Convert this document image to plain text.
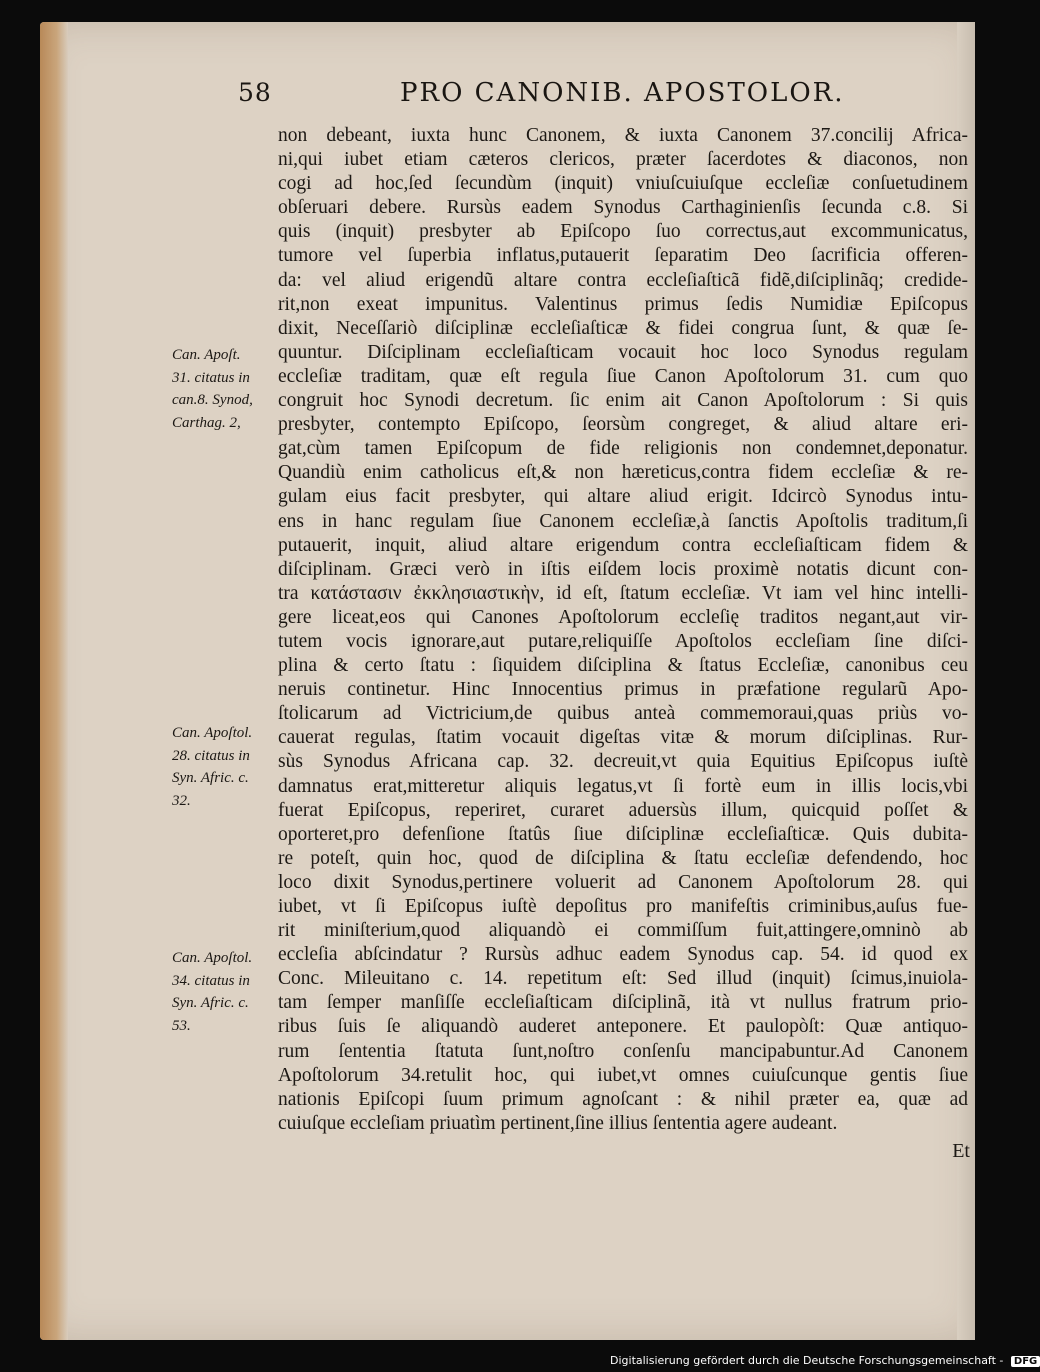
58	PRO CANONIB. APOSTOLOR.
non debeant, iuxta hunc Canonem, & iuxta Canonem 37.concilij Africa-
ni,qui iubet etiam cæteros clericos, præter ſacerdotes & diaconos, non
cogi ad hoc,ſed ſecundùm (inquit) vniuſcuiuſque eccleſiæ conſuetudinem
obſeruari debere. Rursùs eadem Synodus Carthaginienſis ſecunda c.8. Si
quis (inquit) presbyter ab Epiſcopo ſuo correctus,aut excommunicatus,
tumore vel ſuperbia inflatus,putauerit ſeparatim Deo ſacrificia offeren-
da: vel aliud erigendũ altare contra eccleſiaſticã fidẽ,diſciplinãq; credide-
rit,non exeat impunitus. Valentinus primus ſedis Numidiæ Epiſcopus
dixit, Neceſſariò diſciplinæ eccleſiaſticæ & fidei congrua ſunt, & quæ ſe-
quuntur. Diſciplinam eccleſiaſticam vocauit hoc loco Synodus regulam
eccleſiæ traditam, quæ eſt regula ſiue Canon Apoſtolorum 31. cum quo
congruit hoc Synodi decretum. ſic enim ait Canon Apoſtolorum : Si quis
presbyter, contempto Epiſcopo, ſeorsùm congreget, & aliud altare eri-
gat,cùm tamen Epiſcopum de fide religionis non condemnet,deponatur.
Quandiù enim catholicus eſt,& non hæreticus,contra fidem eccleſiæ & re-
gulam eius facit presbyter, qui altare aliud erigit. Idcircò Synodus intu-
ens in hanc regulam ſiue Canonem eccleſiæ,à ſanctis Apoſtolis traditum,ſi
putauerit, inquit, aliud altare erigendum contra eccleſiaſticam fidem &
diſciplinam. Græci verò in iſtis eiſdem locis proximè notatis dicunt con-
tra κατάστασιν ἐκκλησιαστικὴν, id eſt, ſtatum eccleſiæ. Vt iam vel hinc intelli-
gere liceat,eos qui Canones Apoſtolorum eccleſię traditos negant,aut vir-
tutem vocis ignorare,aut putare,reliquiſſe Apoſtolos eccleſiam ſine diſci-
plina & certo ſtatu : ſiquidem diſciplina & ſtatus Eccleſiæ, canonibus ceu
neruis continetur. Hinc Innocentius primus in præfatione regularũ Apo-
ſtolicarum ad Victricium,de quibus anteà commemoraui,quas priùs vo-
cauerat regulas, ſtatim vocauit digeſtas vitæ & morum diſciplinas. Rur-
sùs Synodus Africana cap. 32. decreuit,vt quia Equitius Epiſcopus iuſtè
damnatus erat,mitteretur aliquis legatus,vt ſi fortè eum in illis locis,vbi
fuerat Epiſcopus, reperiret, curaret aduersùs illum, quicquid poſſet &
oporteret,pro defenſione ſtatûs ſiue diſciplinæ eccleſiaſticæ. Quis dubita-
re poteſt, quin hoc, quod de diſciplina & ſtatu eccleſiæ defendendo, hoc
loco dixit Synodus,pertinere voluerit ad Canonem Apoſtolorum 28. qui
iubet, vt ſi Epiſcopus iuſtè depoſitus pro manifeſtis criminibus,auſus fue-
rit miniſterium,quod aliquandò ei commiſſum fuit,attingere,omninò ab
eccleſia abſcindatur ? Rursùs adhuc eadem Synodus cap. 54. id quod ex
Conc. Mileuitano c. 14. repetitum eſt: Sed illud (inquit) ſcimus,inuiola-
tam ſemper manſiſſe eccleſiaſticam diſciplinã, ità vt nullus fratrum prio-
ribus ſuis ſe aliquandò auderet anteponere. Et paulopòſt: Quæ antiquo-
rum ſententia ſtatuta ſunt,noſtro conſenſu mancipabuntur.Ad Canonem
Apoſtolorum 34.retulit hoc, qui iubet,vt omnes cuiuſcunque gentis ſiue
nationis Epiſcopi ſuum primum agnoſcant : & nihil præter ea, quæ ad
cuiuſque eccleſiam priuatìm pertinent,ſine illius ſententia agere audeant.
Can. Apoſt.
31. citatus in
can.8. Synod,
Carthag. 2,
Can. Apoſtol.
28. citatus in
Syn. Afric. c.
32.
Can. Apoſtol.
34. citatus in
Syn. Afric. c.
53.
Et
Digitalisierung gefördert durch die Deutsche Forschungsgemeinschaft - DFG
